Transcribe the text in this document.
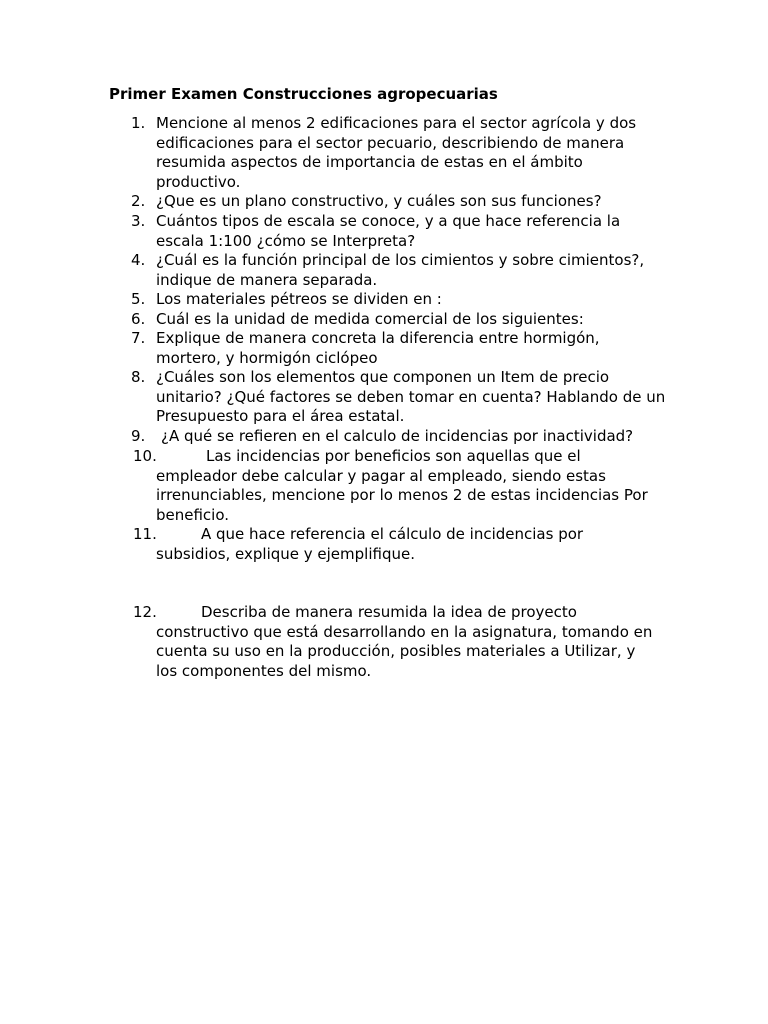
Primer Examen Construcciones agropecuarias
1. Mencione al menos 2 edificaciones para el sector agrícola y dos edificaciones para el sector pecuario, describiendo de manera resumida aspectos de importancia de estas en el ámbito productivo.
2. ¿Que es un plano constructivo, y cuáles son sus funciones?
3. Cuántos tipos de escala se conoce, y a que hace referencia la escala 1:100 ¿cómo se Interpreta?
4. ¿Cuál es la función principal de los cimientos y sobre cimientos?, indique de manera separada.
5. Los materiales pétreos se dividen en :
6. Cuál es la unidad de medida comercial de los siguientes:
7. Explique de manera concreta la diferencia entre hormigón, mortero, y hormigón ciclópeo
8. ¿Cuáles son los elementos que componen un Item de precio unitario? ¿Qué factores se deben tomar en cuenta? Hablando de un Presupuesto para el área estatal.
9. ¿A qué se refieren en el calculo de incidencias por inactividad?
10.	Las incidencias por beneficios son aquellas que el empleador debe calcular y pagar al empleado, siendo estas irrenunciables, mencione por lo menos 2 de estas incidencias Por beneficio.
11.	A que hace referencia el cálculo de incidencias por subsidios, explique y ejemplifique.
12.	Describa de manera resumida la idea de proyecto constructivo que está desarrollando en la asignatura, tomando en cuenta su uso en la producción, posibles materiales a Utilizar, y los componentes del mismo.
